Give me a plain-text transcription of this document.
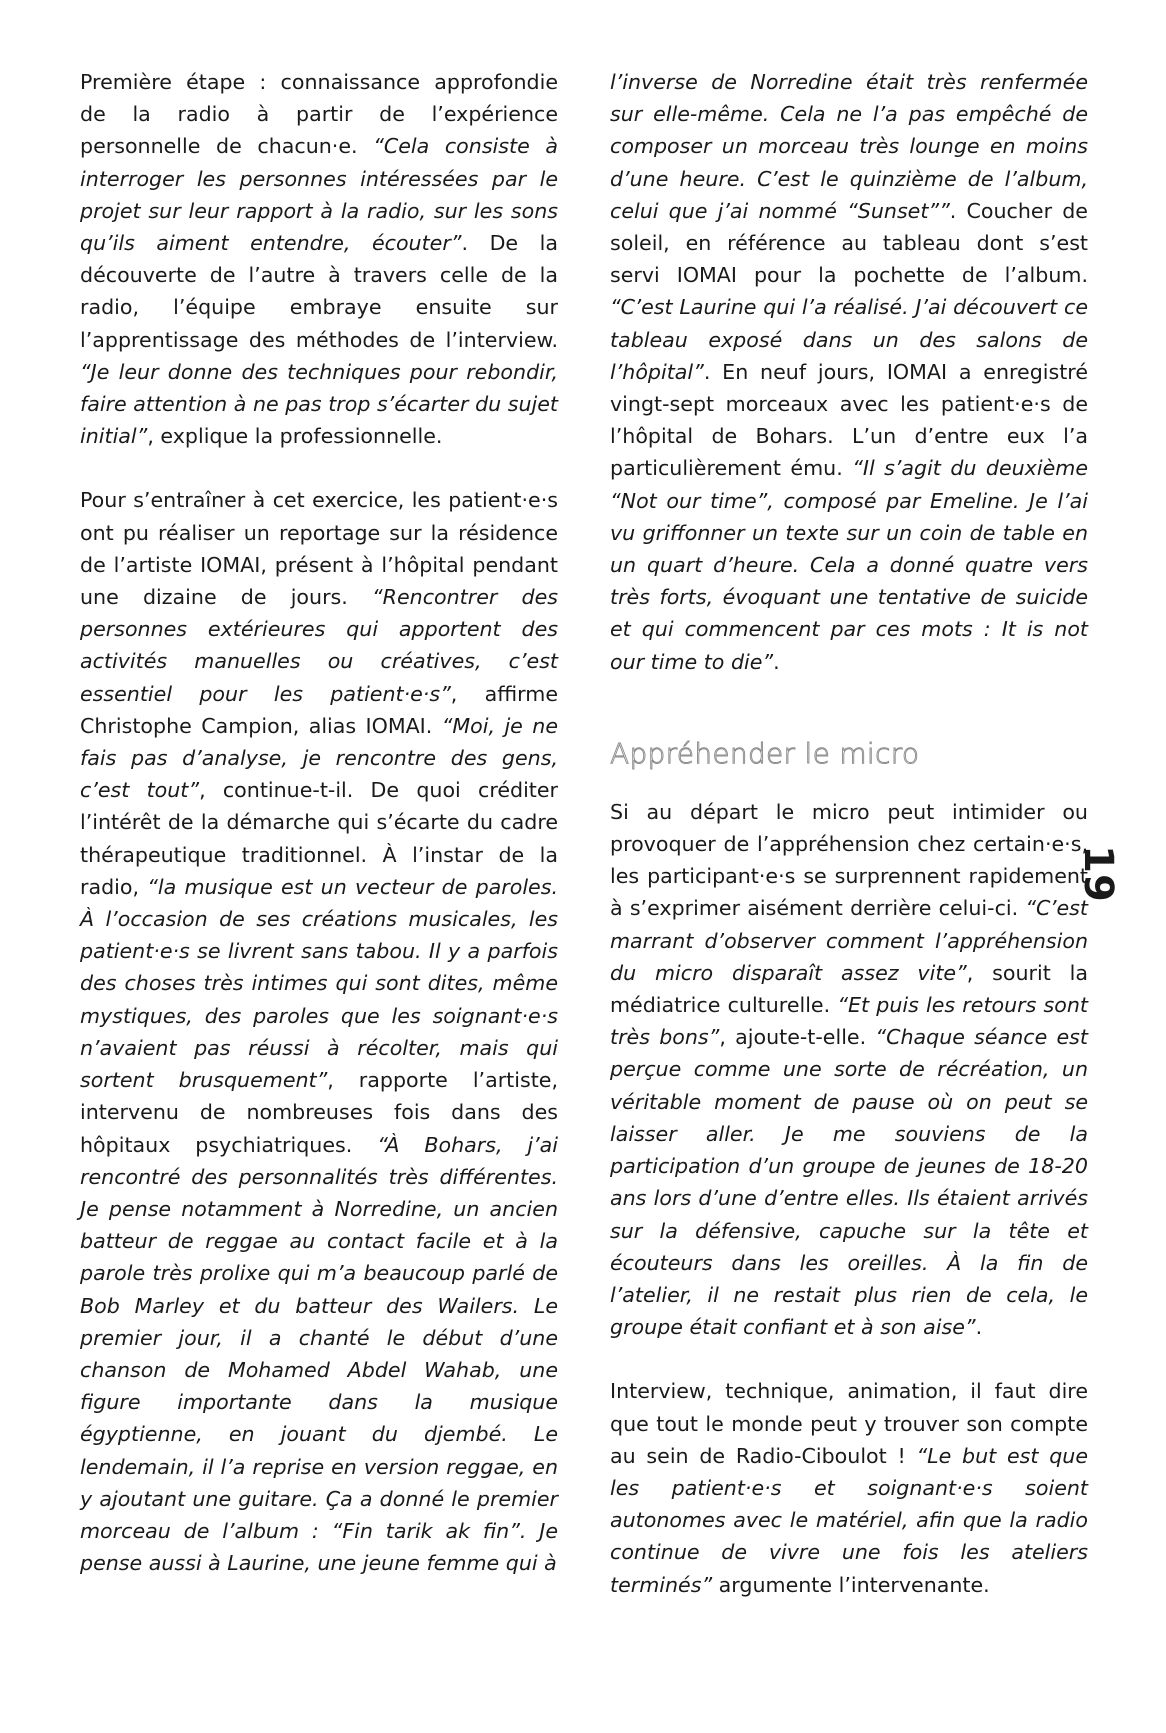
Première étape : connaissance approfondie de la radio à partir de l’expérience personnelle de chacun·e. “Cela consiste à interroger les personnes intéressées par le projet sur leur rapport à la radio, sur les sons qu’ils aiment entendre, écouter”. De la découverte de l’autre à travers celle de la radio, l’équipe embraye ensuite sur l’apprentissage des méthodes de l’interview. “Je leur donne des techniques pour rebondir, faire attention à ne pas trop s’écarter du sujet initial”, explique la professionnelle.

Pour s’entraîner à cet exercice, les patient·e·s ont pu réaliser un reportage sur la résidence de l’artiste IOMAI, présent à l’hôpital pendant une dizaine de jours. “Rencontrer des personnes extérieures qui apportent des activités manuelles ou créatives, c’est essentiel pour les patient·e·s”, affirme Christophe Campion, alias IOMAI. “Moi, je ne fais pas d’analyse, je rencontre des gens, c’est tout”, continue-t-il. De quoi créditer l’intérêt de la démarche qui s’écarte du cadre thérapeutique traditionnel. À l’instar de la radio, “la musique est un vecteur de paroles. À l’occasion de ses créations musicales, les patient·e·s se livrent sans tabou. Il y a parfois des choses très intimes qui sont dites, même mystiques, des paroles que les soignant·e·s n’avaient pas réussi à récolter, mais qui sortent brusquement”, rapporte l’artiste, intervenu de nombreuses fois dans des hôpitaux psychiatriques. “À Bohars, j’ai rencontré des personnalités très différentes. Je pense notamment à Norredine, un ancien batteur de reggae au contact facile et à la parole très prolixe qui m’a beaucoup parlé de Bob Marley et du batteur des Wailers. Le premier jour, il a chanté le début d’une chanson de Mohamed Abdel Wahab, une figure importante dans la musique égyptienne, en jouant du djembé. Le lendemain, il l’a reprise en version reggae, en y ajoutant une guitare. Ça a donné le premier morceau de l’album : “Fin tarik ak fin”. Je pense aussi à Laurine, une jeune femme qui à

l’inverse de Norredine était très renfermée sur elle-même. Cela ne l’a pas empêché de composer un morceau très lounge en moins d’une heure. C’est le quinzième de l’album, celui que j’ai nommé “Sunset””. Coucher de soleil, en référence au tableau dont s’est servi IOMAI pour la pochette de l’album. “C’est Laurine qui l’a réalisé. J’ai découvert ce tableau exposé dans un des salons de l’hôpital”. En neuf jours, IOMAI a enregistré vingt-sept morceaux avec les patient·e·s de l’hôpital de Bohars. L’un d’entre eux l’a particulièrement ému. “Il s’agit du deuxième “Not our time”, composé par Emeline. Je l’ai vu griffonner un texte sur un coin de table en un quart d’heure. Cela a donné quatre vers très forts, évoquant une tentative de suicide et qui commencent par ces mots : It is not our time to die”.

Appréhender le micro

Si au départ le micro peut intimider ou provoquer de l’appréhension chez certain·e·s, les participant·e·s se surprennent rapidement à s’exprimer aisément derrière celui-ci. “C’est marrant d’observer comment l’appréhension du micro disparaît assez vite”, sourit la médiatrice culturelle. “Et puis les retours sont très bons”, ajoute-t-elle. “Chaque séance est perçue comme une sorte de récréation, un véritable moment de pause où on peut se laisser aller. Je me souviens de la participation d’un groupe de jeunes de 18-20 ans lors d’une d’entre elles. Ils étaient arrivés sur la défensive, capuche sur la tête et écouteurs dans les oreilles. À la fin de l’atelier, il ne restait plus rien de cela, le groupe était confiant et à son aise”.

Interview, technique, animation, il faut dire que tout le monde peut y trouver son compte au sein de Radio-Ciboulot ! “Le but est que les patient·e·s et soignant·e·s soient autonomes avec le matériel, afin que la radio continue de vivre une fois les ateliers terminés” argumente l’intervenante.

19
